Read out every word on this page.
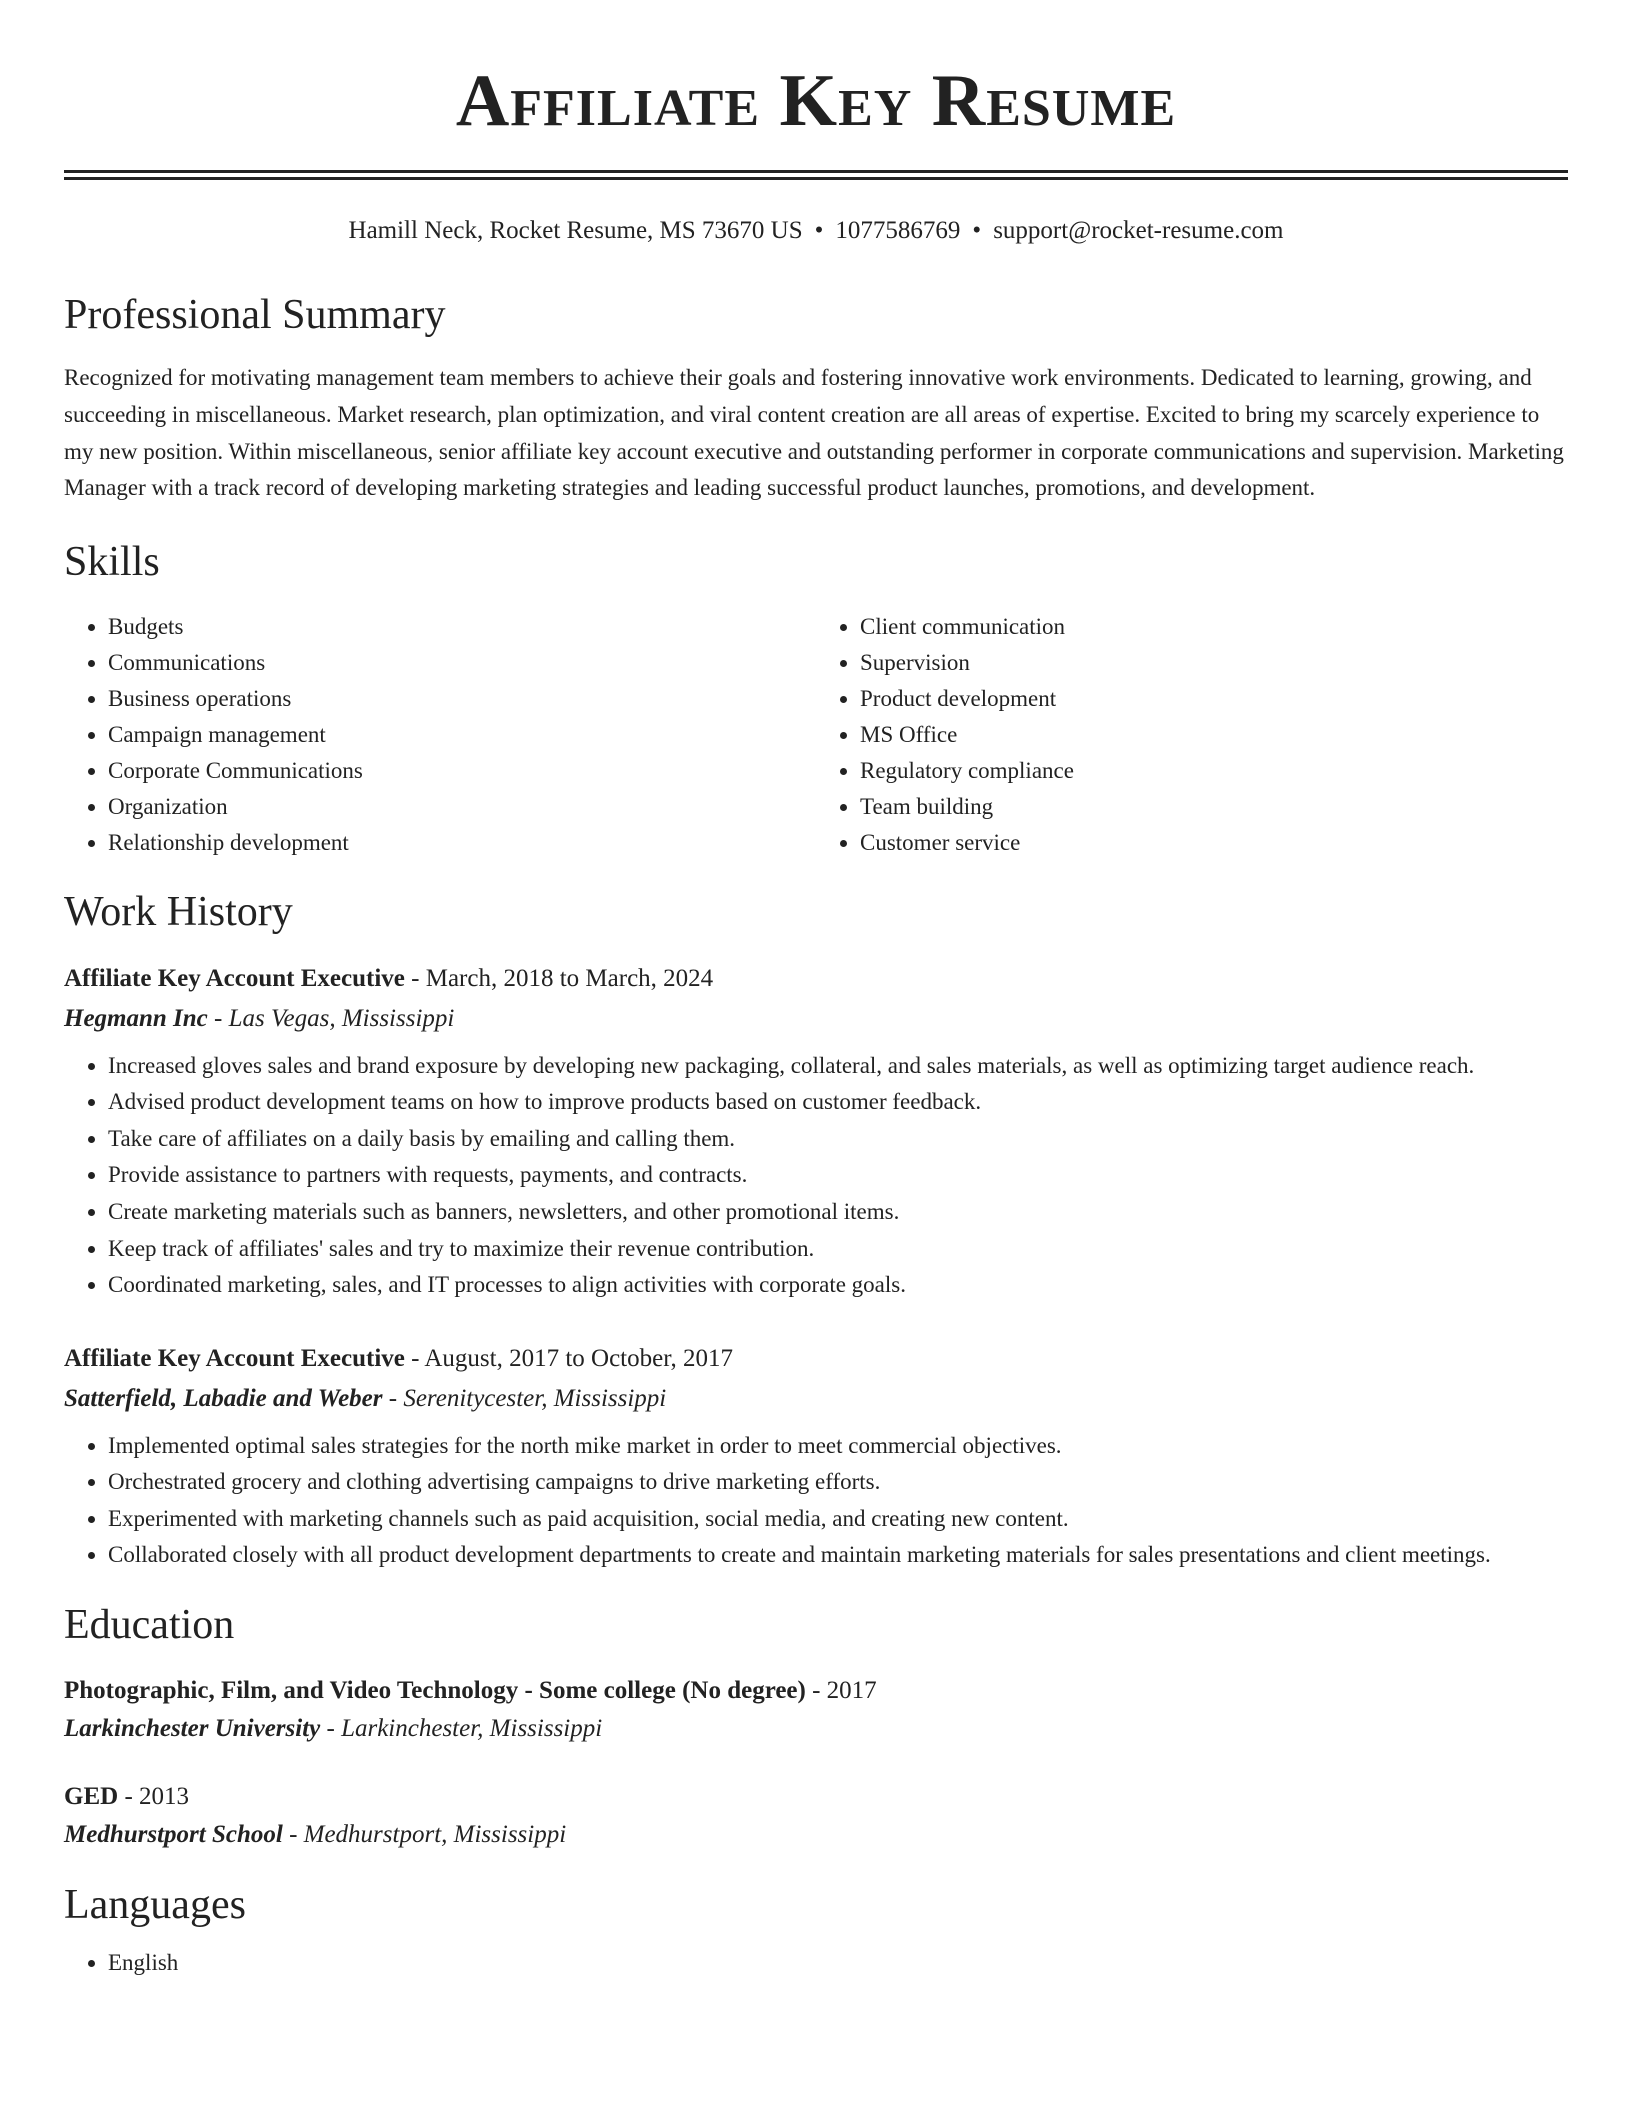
Affiliate Key Resume
Hamill Neck, Rocket Resume, MS 73670 US • 1077586769 • support@rocket-resume.com
Professional Summary

Recognized for motivating management team members to achieve their goals and fostering innovative work environments. Dedicated to learning, growing, and succeeding in miscellaneous. Market research, plan optimization, and viral content creation are all areas of expertise. Excited to bring my scarcely experience to my new position. Within miscellaneous, senior affiliate key account executive and outstanding performer in corporate communications and supervision. Marketing Manager with a track record of developing marketing strategies and leading successful product launches, promotions, and development.

Skills
• Budgets
• Communications
• Business operations
• Campaign management
• Corporate Communications
• Organization
• Relationship development
• Client communication
• Supervision
• Product development
• MS Office
• Regulatory compliance
• Team building
• Customer service
Work History
Affiliate Key Account Executive - March, 2018 to March, 2024
Hegmann Inc - Las Vegas, Mississippi
• Increased gloves sales and brand exposure by developing new packaging, collateral, and sales materials, as well as optimizing target audience reach.
• Advised product development teams on how to improve products based on customer feedback.
• Take care of affiliates on a daily basis by emailing and calling them.
• Provide assistance to partners with requests, payments, and contracts.
• Create marketing materials such as banners, newsletters, and other promotional items.
• Keep track of affiliates' sales and try to maximize their revenue contribution.
• Coordinated marketing, sales, and IT processes to align activities with corporate goals.
Affiliate Key Account Executive - August, 2017 to October, 2017
Satterfield, Labadie and Weber - Serenitycester, Mississippi
• Implemented optimal sales strategies for the north mike market in order to meet commercial objectives.
• Orchestrated grocery and clothing advertising campaigns to drive marketing efforts.
• Experimented with marketing channels such as paid acquisition, social media, and creating new content.
• Collaborated closely with all product development departments to create and maintain marketing materials for sales presentations and client meetings.
Education
Photographic, Film, and Video Technology - Some college (No degree) - 2017
Larkinchester University - Larkinchester, Mississippi
GED - 2013
Medhurstport School - Medhurstport, Mississippi
Languages
• English
